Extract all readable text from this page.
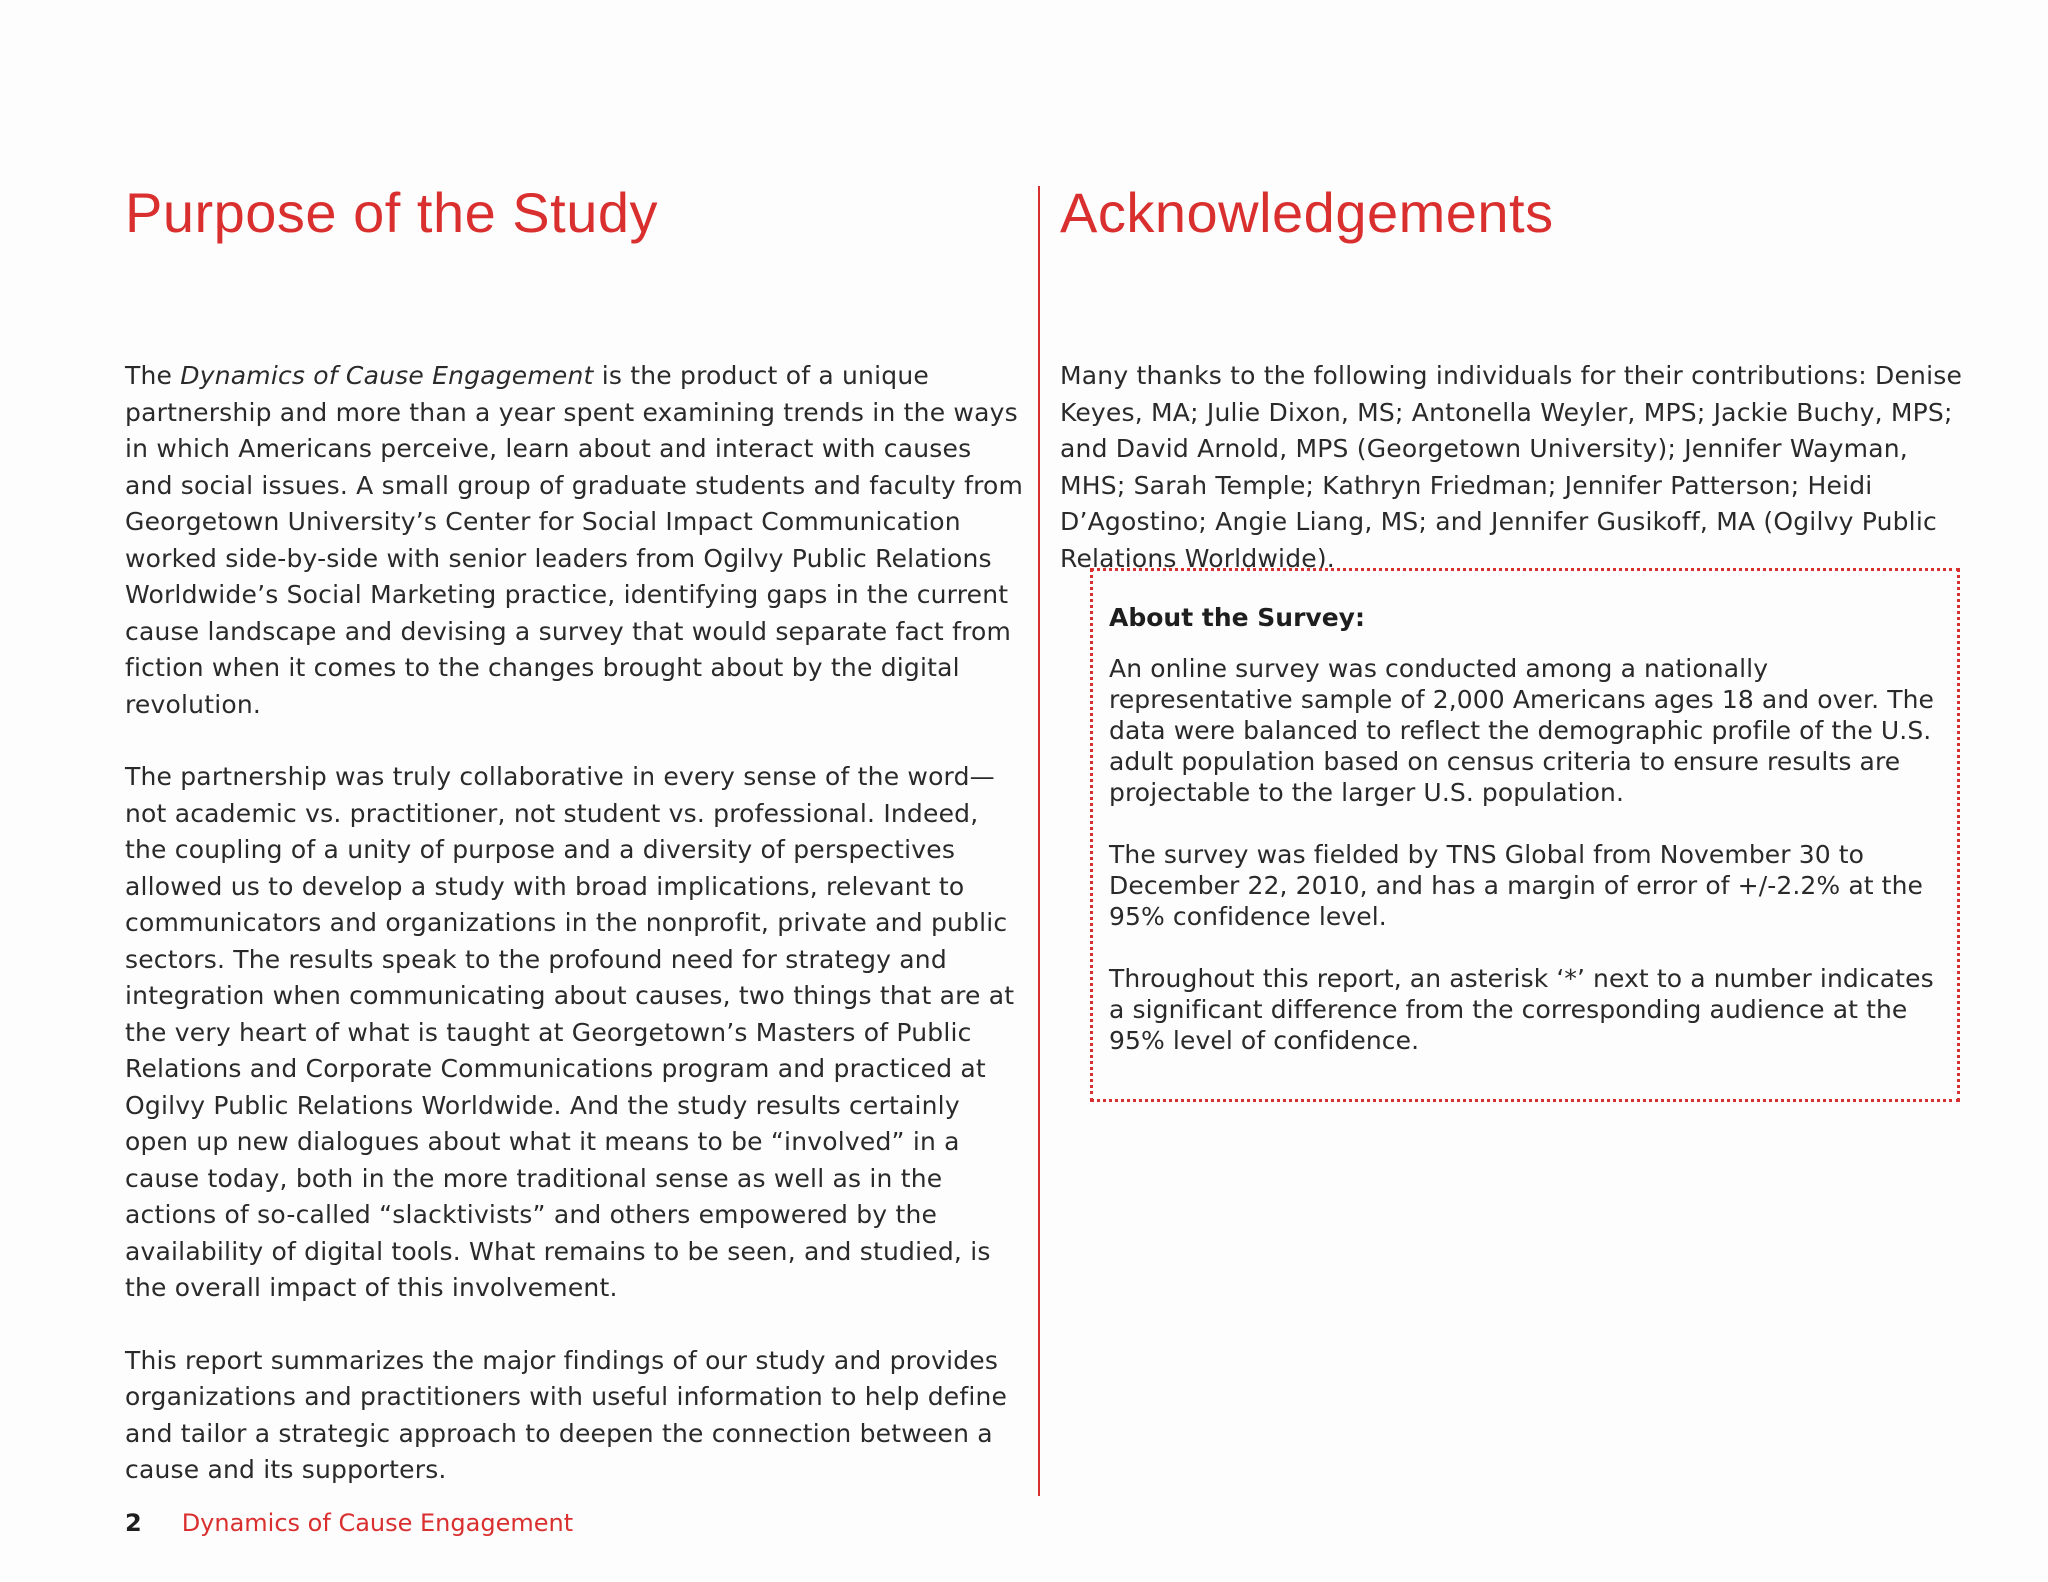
Purpose of the Study

The Dynamics of Cause Engagement is the product of a unique partnership and more than a year spent examining trends in the ways in which Americans perceive, learn about and interact with causes and social issues. A small group of graduate students and faculty from Georgetown University’s Center for Social Impact Communication worked side-by-side with senior leaders from Ogilvy Public Relations Worldwide’s Social Marketing practice, identifying gaps in the current cause landscape and devising a survey that would separate fact from fiction when it comes to the changes brought about by the digital revolution.

The partnership was truly collaborative in every sense of the word—not academic vs. practitioner, not student vs. professional. Indeed, the coupling of a unity of purpose and a diversity of perspectives allowed us to develop a study with broad implications, relevant to communicators and organizations in the nonprofit, private and public sectors. The results speak to the profound need for strategy and integration when communicating about causes, two things that are at the very heart of what is taught at Georgetown’s Masters of Public Relations and Corporate Communications program and practiced at Ogilvy Public Relations Worldwide. And the study results certainly open up new dialogues about what it means to be “involved” in a cause today, both in the more traditional sense as well as in the actions of so-called “slacktivists” and others empowered by the availability of digital tools. What remains to be seen, and studied, is the overall impact of this involvement.

This report summarizes the major findings of our study and provides organizations and practitioners with useful information to help define and tailor a strategic approach to deepen the connection between a cause and its supporters.

Acknowledgements

Many thanks to the following individuals for their contributions: Denise Keyes, MA; Julie Dixon, MS; Antonella Weyler, MPS; Jackie Buchy, MPS; and David Arnold, MPS (Georgetown University); Jennifer Wayman, MHS; Sarah Temple; Kathryn Friedman; Jennifer Patterson; Heidi D’Agostino; Angie Liang, MS; and Jennifer Gusikoff, MA (Ogilvy Public Relations Worldwide).

About the Survey:

An online survey was conducted among a nationally representative sample of 2,000 Americans ages 18 and over. The data were balanced to reflect the demographic profile of the U.S. adult population based on census criteria to ensure results are projectable to the larger U.S. population.

The survey was fielded by TNS Global from November 30 to December 22, 2010, and has a margin of error of +/-2.2% at the 95% confidence level.

Throughout this report, an asterisk ‘*’ next to a number indicates a significant difference from the corresponding audience at the 95% level of confidence.

2 Dynamics of Cause Engagement
